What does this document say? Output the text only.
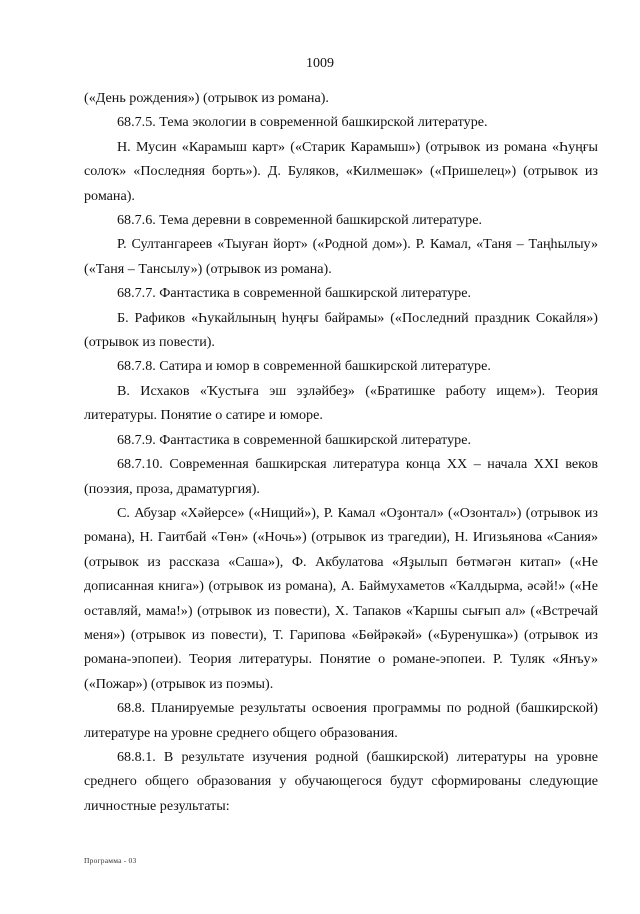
1009

(«День рождения») (отрывок из романа).

68.7.5. Тема экологии в современной башкирской литературе.

Н. Мусин «Карамыш карт» («Старик Карамыш») (отрывок из романа «Һуңғы солоҡ» «Последняя борть»). Д. Буляков, «Килмешәк» («Пришелец») (отрывок из романа).

68.7.6. Тема деревни в современной башкирской литературе.

Р. Султангареев «Тыуған йорт» («Родной дом»). Р. Камал, «Таня – Таңһылыу» («Таня – Тансылу») (отрывок из романа).

68.7.7. Фантастика в современной башкирской литературе.

Б. Рафиков «Һукайлының һуңғы байрамы» («Последний праздник Сокайля») (отрывок из повести).

68.7.8. Сатира и юмор в современной башкирской литературе.

В. Исхаков «Ҡустыға эш эҙләйбеҙ» («Братишке работу ищем»). Теория литературы. Понятие о сатире и юморе.

68.7.9. Фантастика в современной башкирской литературе.

68.7.10. Современная башкирская литература конца XX – начала XXI веков (поэзия, проза, драматургия).

С. Абузар «Хәйерсе» («Нищий»), Р. Камал «Оҙонтал» («Озонтал») (отрывок из романа), Н. Гаитбай «Төн» («Ночь») (отрывок из трагедии), Н. Игизьянова «Сания» (отрывок из рассказа «Саша»), Ф. Акбулатова «Яҙылып бөтмәгән китап» («Не дописанная книга») (отрывок из романа), А. Баймухаметов «Ҡалдырма, әсәй!» («Не оставляй, мама!») (отрывок из повести), Х. Тапаков «Ҡаршы сығып ал» («Встречай меня») (отрывок из повести), Т. Гарипова «Бөйрәкәй» («Буренушка») (отрывок из романа-эпопеи). Теория литературы. Понятие о романе-эпопеи. Р. Туляк «Янъу» («Пожар») (отрывок из поэмы).

68.8. Планируемые результаты освоения программы по родной (башкирской) литературе на уровне среднего общего образования.

68.8.1. В результате изучения родной (башкирской) литературы на уровне среднего общего образования у обучающегося будут сформированы следующие личностные результаты:

Программа - 03
